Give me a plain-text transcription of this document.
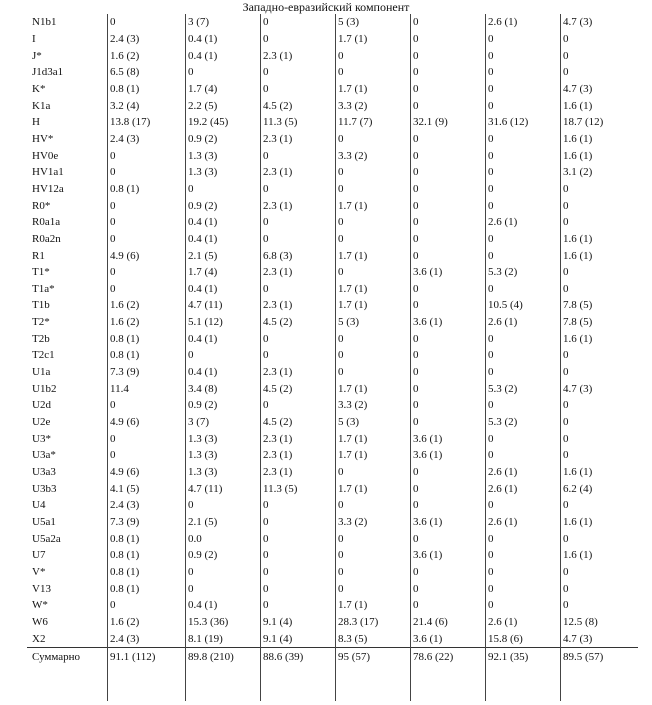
Западно-евразийский компонент
N1b1	0	3 (7)	0	5 (3)	0	2.6 (1)	4.7 (3)
I	2.4 (3)	0.4 (1)	0	1.7 (1)	0	0	0
J*	1.6 (2)	0.4 (1)	2.3 (1)	0	0	0	0
J1d3a1	6.5 (8)	0	0	0	0	0	0
K*	0.8 (1)	1.7 (4)	0	1.7 (1)	0	0	4.7 (3)
K1a	3.2 (4)	2.2 (5)	4.5 (2)	3.3 (2)	0	0	1.6 (1)
H	13.8 (17)	19.2 (45)	11.3 (5)	11.7 (7)	32.1 (9)	31.6 (12)	18.7 (12)
HV*	2.4 (3)	0.9 (2)	2.3 (1)	0	0	0	1.6 (1)
HV0e	0	1.3 (3)	0	3.3 (2)	0	0	1.6 (1)
HV1a1	0	1.3 (3)	2.3 (1)	0	0	0	3.1 (2)
HV12a	0.8 (1)	0	0	0	0	0	0
R0*	0	0.9 (2)	2.3 (1)	1.7 (1)	0	0	0
R0a1a	0	0.4 (1)	0	0	0	2.6 (1)	0
R0a2n	0	0.4 (1)	0	0	0	0	1.6 (1)
R1	4.9 (6)	2.1 (5)	6.8 (3)	1.7 (1)	0	0	1.6 (1)
T1*	0	1.7 (4)	2.3 (1)	0	3.6 (1)	5.3 (2)	0
T1a*	0	0.4 (1)	0	1.7 (1)	0	0	0
T1b	1.6 (2)	4.7 (11)	2.3 (1)	1.7 (1)	0	10.5 (4)	7.8 (5)
T2*	1.6 (2)	5.1 (12)	4.5 (2)	5 (3)	3.6 (1)	2.6 (1)	7.8 (5)
T2b	0.8 (1)	0.4 (1)	0	0	0	0	1.6 (1)
T2c1	0.8 (1)	0	0	0	0	0	0
U1a	7.3 (9)	0.4 (1)	2.3 (1)	0	0	0	0
U1b2	11.4	3.4 (8)	4.5 (2)	1.7 (1)	0	5.3 (2)	4.7 (3)
U2d	0	0.9 (2)	0	3.3 (2)	0	0	0
U2e	4.9 (6)	3 (7)	4.5 (2)	5 (3)	0	5.3 (2)	0
U3*	0	1.3 (3)	2.3 (1)	1.7 (1)	3.6 (1)	0	0
U3a*	0	1.3 (3)	2.3 (1)	1.7 (1)	3.6 (1)	0	0
U3a3	4.9 (6)	1.3 (3)	2.3 (1)	0	0	2.6 (1)	1.6 (1)
U3b3	4.1 (5)	4.7 (11)	11.3 (5)	1.7 (1)	0	2.6 (1)	6.2 (4)
U4	2.4 (3)	0	0	0	0	0	0
U5a1	7.3 (9)	2.1 (5)	0	3.3 (2)	3.6 (1)	2.6 (1)	1.6 (1)
U5a2a	0.8 (1)	0.0	0	0	0	0	0
U7	0.8 (1)	0.9 (2)	0	0	3.6 (1)	0	1.6 (1)
V*	0.8 (1)	0	0	0	0	0	0
V13	0.8 (1)	0	0	0	0	0	0
W*	0	0.4 (1)	0	1.7 (1)	0	0	0
W6	1.6 (2)	15.3 (36)	9.1 (4)	28.3 (17)	21.4 (6)	2.6 (1)	12.5 (8)
X2	2.4 (3)	8.1 (19)	9.1 (4)	8.3 (5)	3.6 (1)	15.8 (6)	4.7 (3)
Суммарно	91.1 (112)	89.8 (210)	88.6 (39)	95 (57)	78.6 (22)	92.1 (35)	89.5 (57)
